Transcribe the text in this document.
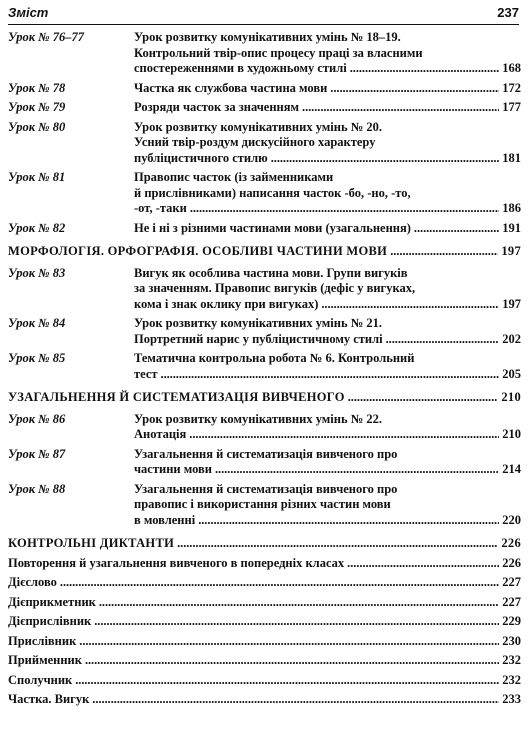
Зміст	237
Урок № 76–77	Урок розвитку комунікативних умінь № 18–19.
Контрольний твір-опис процесу праці за власними
спостереженнями в художньому стилі . . .	168
Урок № 78	Частка як службова частина мови . . .	172
Урок № 79	Розряди часток за значенням . . .	177
Урок № 80	Урок розвитку комунікативних умінь № 20.
Усний твір-роздум дискусійного характеру
публіцистичного стилю . . .	181
Урок № 81	Правопис часток (із займенниками
й прислівниками) написання часток -бо, -но, -то,
-от, -таки . . .	186
Урок № 82	Не і ні з різними частинами мови (узагальнення) . . .	191
МОРФОЛОГІЯ. ОРФОГРАФІЯ. ОСОБЛИВІ ЧАСТИНИ МОВИ . . .	197
Урок № 83	Вигук як особлива частина мови. Групи вигуків
за значенням. Правопис вигуків (дефіс у вигуках,
кома і знак оклику при вигуках) . . .	197
Урок № 84	Урок розвитку комунікативних умінь № 21.
Портретний нарис у публіцистичному стилі . . .	202
Урок № 85	Тематична контрольна робота № 6. Контрольний
тест . . .	205
УЗАГАЛЬНЕННЯ Й СИСТЕМАТИЗАЦІЯ ВИВЧЕНОГО . . .	210
Урок № 86	Урок розвитку комунікативних умінь № 22.
Анотація . . .	210
Урок № 87	Узагальнення й систематизація вивченого про
частини мови . . .	214
Урок № 88	Узагальнення й систематизація вивченого про
правопис і використання різних частин мови
в мовленні . . .	220
КОНТРОЛЬНІ ДИКТАНТИ . . .	226
Повторення й узагальнення вивченого в попередніх класах . . .	226
Дієслово . . .	227
Дієприкметник . . .	227
Дієприслівник . . .	229
Прислівник . . .	230
Прийменник . . .	232
Сполучник . . .	232
Частка. Вигук . . .	233
